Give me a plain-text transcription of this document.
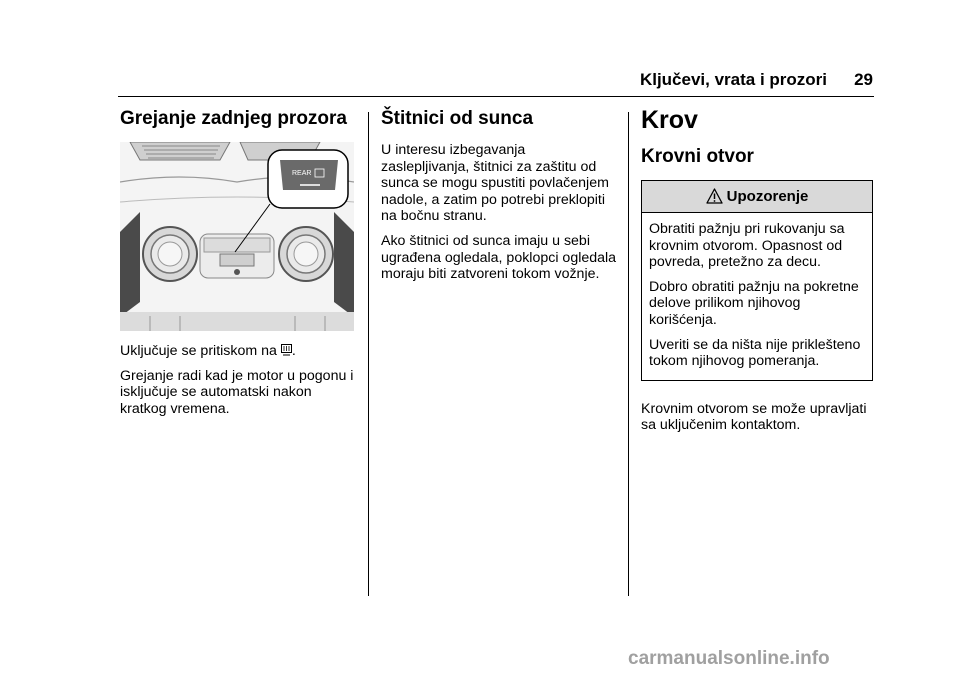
Ključevi, vrata i prozori 29
Grejanje zadnjeg prozora
REAR

Uključuje se pritiskom na .

Grejanje radi kad je motor u pogonu i isključuje se automatski nakon kratkog vremena.

Štitnici od sunca

U interesu izbegavanja zaslepljivanja, štitnici za zaštitu od sunca se mogu spustiti povlačenjem nadole, a zatim po potrebi preklopiti na bočnu stranu.

Ako štitnici od sunca imaju u sebi ugrađena ogledala, poklopci ogledala moraju biti zatvoreni tokom vožnje.

Krov
Krovni otvor
Upozorenje

Obratiti pažnju pri rukovanju sa krovnim otvorom. Opasnost od povreda, pretežno za decu.

Dobro obratiti pažnju na pokretne delove prilikom njihovog korišćenja.

Uveriti se da ništa nije priklešteno tokom njihovog pomeranja.

Krovnim otvorom se može upravljati sa uključenim kontaktom.

carmanualsonline.info
